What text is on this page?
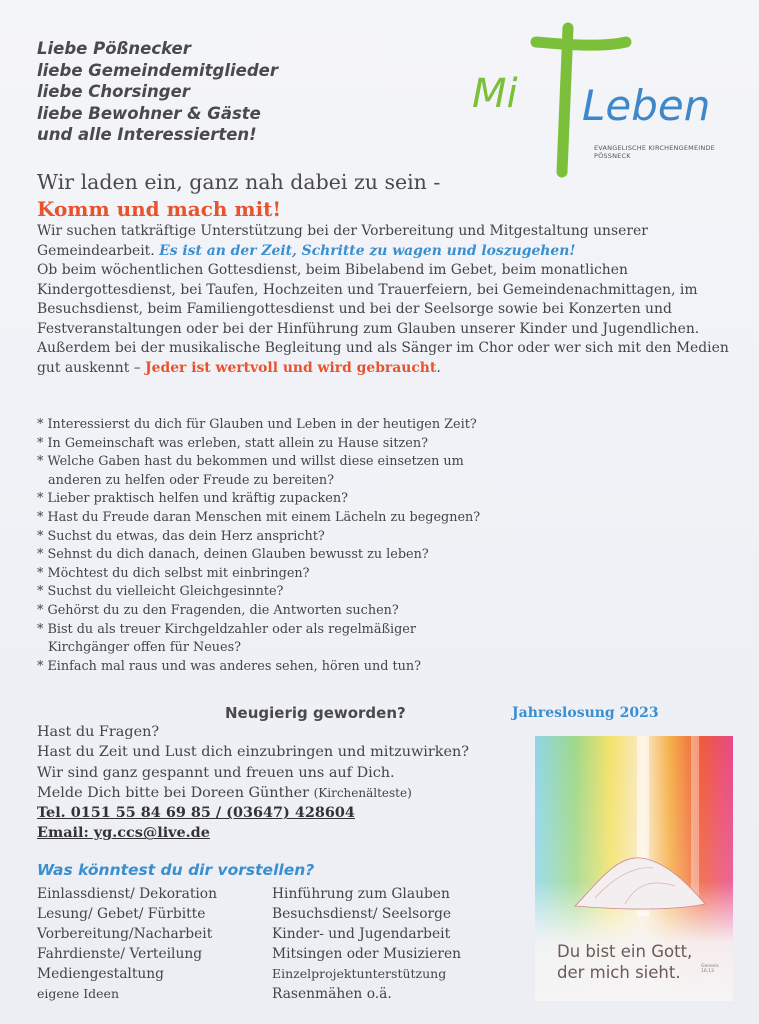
Liebe Pößnecker
liebe Gemeindemitglieder
liebe Chorsinger
liebe Bewohner & Gäste
und alle Interessierten!
Mi Leben
EVANGELISCHE KIRCHENGEMEINDE
PÖSSNECK
Wir laden ein, ganz nah dabei zu sein -
Komm und mach mit!
Wir suchen tatkräftige Unterstützung bei der Vorbereitung und Mitgestaltung unserer Gemeindearbeit. Es ist an der Zeit, Schritte zu wagen und loszugehen!
Ob beim wöchentlichen Gottesdienst, beim Bibelabend im Gebet, beim monatlichen Kindergottesdienst, bei Taufen, Hochzeiten und Trauerfeiern, bei Gemeindenachmittagen, im Besuchsdienst, beim Familiengottesdienst und bei der Seelsorge sowie bei Konzerten und Festveranstaltungen oder bei der Hinführung zum Glauben unserer Kinder und Jugendlichen. Außerdem bei der musikalische Begleitung und als Sänger im Chor oder wer sich mit den Medien gut auskennt – Jeder ist wertvoll und wird gebraucht.
* Interessierst du dich für Glauben und Leben in der heutigen Zeit?
* In Gemeinschaft was erleben, statt allein zu Hause sitzen?
* Welche Gaben hast du bekommen und willst diese einsetzen um
anderen zu helfen oder Freude zu bereiten?
* Lieber praktisch helfen und kräftig zupacken?
* Hast du Freude daran Menschen mit einem Lächeln zu begegnen?
* Suchst du etwas, das dein Herz anspricht?
* Sehnst du dich danach, deinen Glauben bewusst zu leben?
* Möchtest du dich selbst mit einbringen?
* Suchst du vielleicht Gleichgesinnte?
* Gehörst du zu den Fragenden, die Antworten suchen?
* Bist du als treuer Kirchgeldzahler oder als regelmäßiger
Kirchgänger offen für Neues?
* Einfach mal raus und was anderes sehen, hören und tun?
Neugierig geworden?	Jahreslosung 2023
Hast du Fragen?
Hast du Zeit und Lust dich einzubringen und mitzuwirken?
Wir sind ganz gespannt und freuen uns auf Dich.
Melde Dich bitte bei Doreen Günther (Kirchenälteste)
Tel. 0151 55 84 69 85 / (03647) 428604
Email: yg.ccs@live.de
Was könntest du dir vorstellen?
Einlassdienst/ Dekoration
Lesung/ Gebet/ Fürbitte
Vorbereitung/Nacharbeit
Fahrdienste/ Verteilung
Mediengestaltung
eigene Ideen
Hinführung zum Glauben
Besuchsdienst/ Seelsorge
Kinder- und Jugendarbeit
Mitsingen oder Musizieren
Einzelprojektunterstützung
Rasenmähen o.ä.
Du bist ein Gott,
der mich sieht.	Genesis
16,13
